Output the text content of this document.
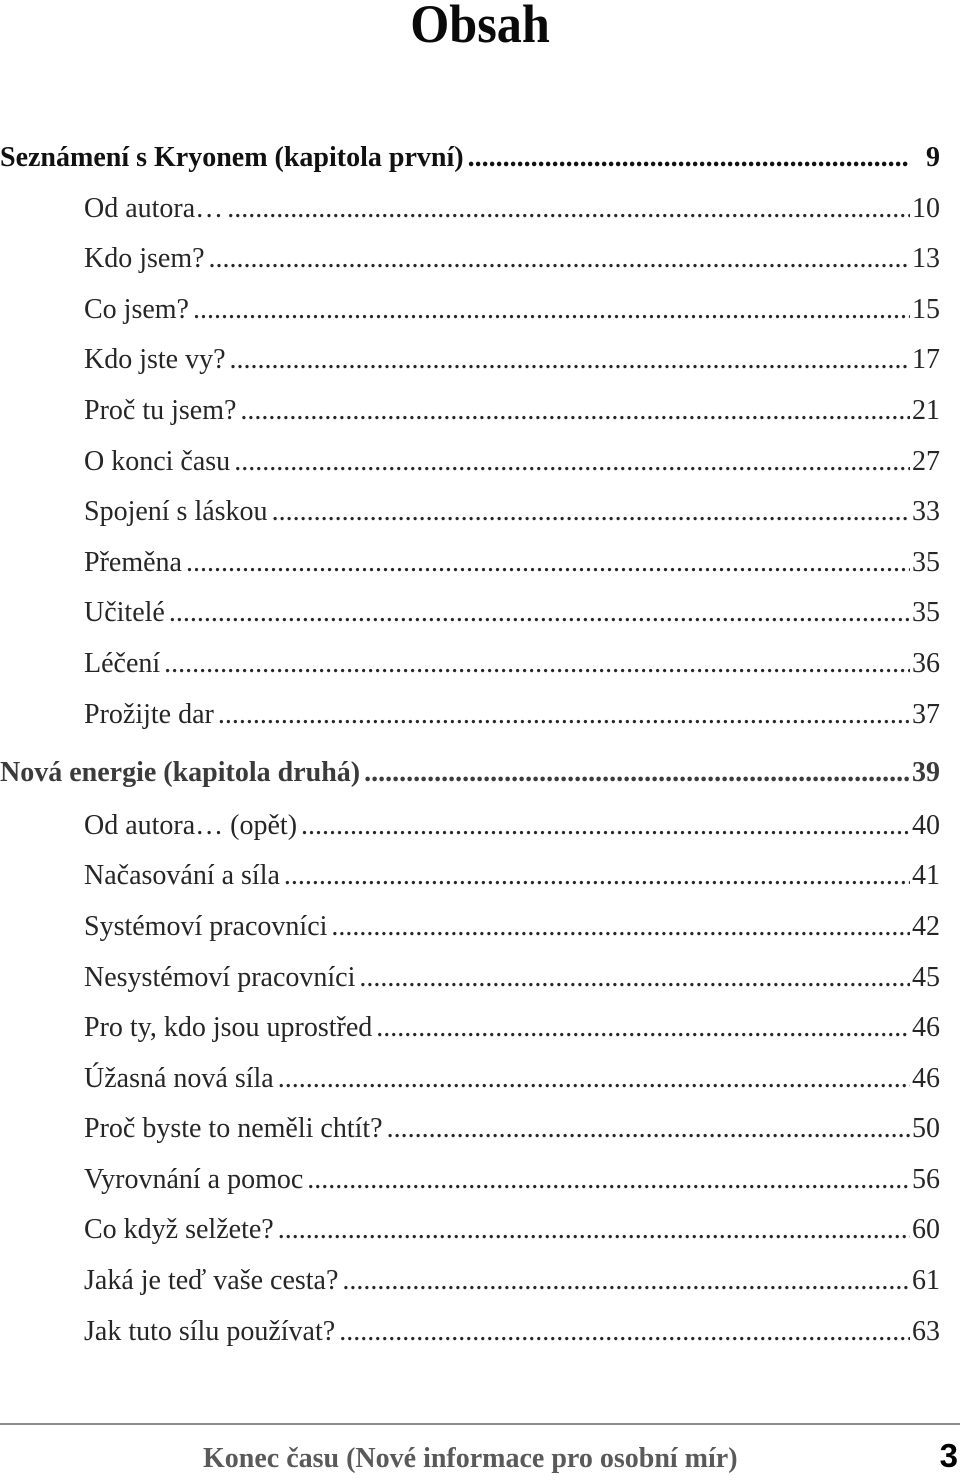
Obsah
Seznámení s Kryonem (kapitola první) .....	9
Od autora… .....	10
Kdo jsem? .....	13
Co jsem? .....	15
Kdo jste vy? .....	17
Proč tu jsem? .....	21
O konci času .....	27
Spojení s láskou .....	33
Přeměna .....	35
Učitelé .....	35
Léčení .....	36
Prožijte dar .....	37
Nová energie (kapitola druhá) .....	39
Od autora… (opět) .....	40
Načasování a síla .....	41
Systémoví pracovníci .....	42
Nesystémoví pracovníci .....	45
Pro ty, kdo jsou uprostřed .....	46
Úžasná nová síla .....	46
Proč byste to neměli chtít? .....	50
Vyrovnání a pomoc .....	56
Co když selžete? .....	60
Jaká je teď vaše cesta? .....	61
Jak tuto sílu používat? .....	63
Konec času (Nové informace pro osobní mír)	3
